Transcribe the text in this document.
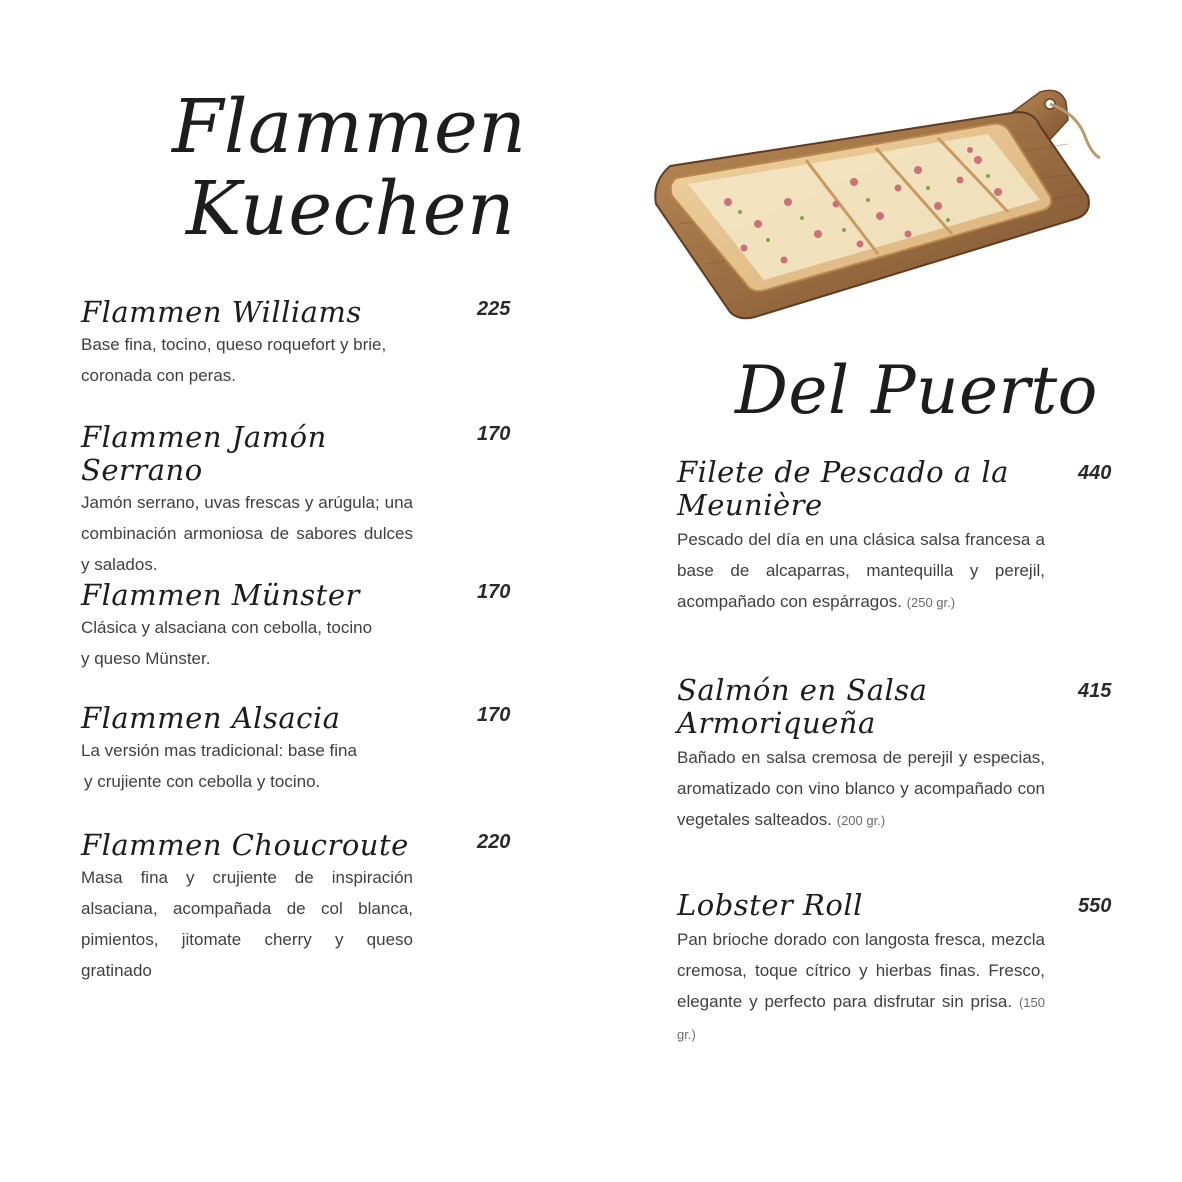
Flammen
Kuechen
Flammen Williams	225

Base fina, tocino, queso roquefort y brie, coronada con peras.

Flammen Jamón Serrano
170

Jamón serrano, uvas frescas y arúgula; una combinación armoniosa de sabores dulces y salados.

Flammen Münster	170

Clásica y alsaciana con cebolla, tocino
y queso Münster.

Flammen Alsacia	170

La versión mas tradicional: base fina
y crujiente con cebolla y tocino.

Flammen Choucroute	220

Masa fina y crujiente de inspiración alsaciana, acompañada de col blanca, pimientos, jitomate cherry y queso gratinado

Del Puerto
Filete de Pescado a la
Meunière
440

Pescado del día en una clásica salsa francesa a base de alcaparras, mantequilla y perejil, acompañado con espárragos. (250 gr.)

Salmón en Salsa
Armoriqueña
415

Bañado en salsa cremosa de perejil y especias, aromatizado con vino blanco y acompañado con vegetales salteados. (200 gr.)

Lobster Roll	550

Pan brioche dorado con langosta fresca, mezcla cremosa, toque cítrico y hierbas finas. Fresco, elegante y perfecto para disfrutar sin prisa. (150 gr.)
